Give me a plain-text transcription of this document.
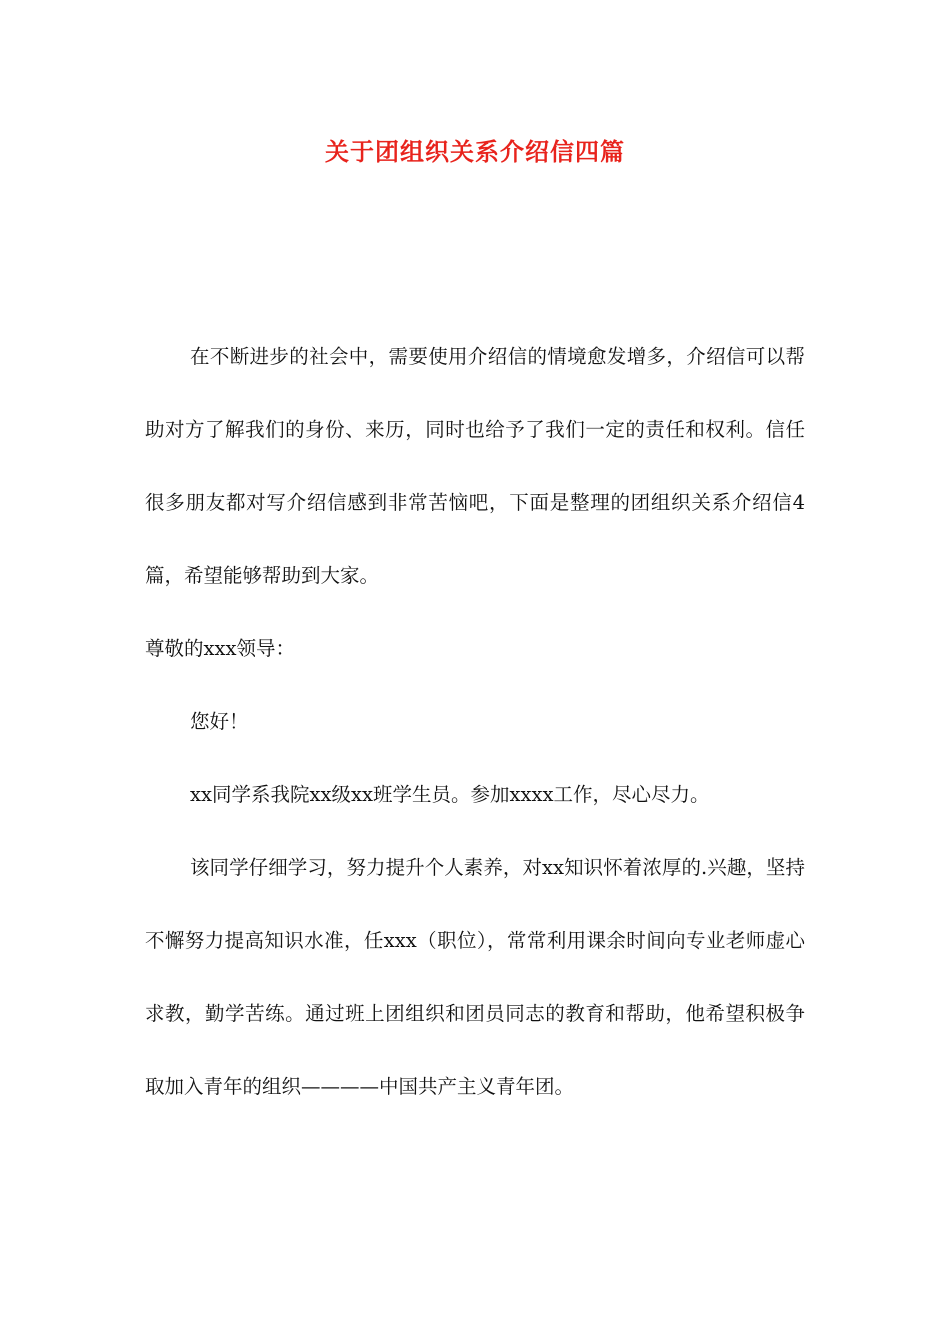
关于团组织关系介绍信四篇

在不断进步的社会中，需要使用介绍信的情境愈发增多，介绍信可以帮助对方了解我们的身份、来历，同时也给予了我们一定的责任和权利。信任很多朋友都对写介绍信感到非常苦恼吧，下面是整理的团组织关系介绍信4篇，希望能够帮助到大家。

尊敬的xxx领导：

您好！

xx同学系我院xx级xx班学生员。参加xxxx工作，尽心尽力。

该同学仔细学习，努力提升个人素养，对xx知识怀着浓厚的.兴趣，坚持不懈努力提高知识水准，任xxx（职位），常常利用课余时间向专业老师虚心求教，勤学苦练。通过班上团组织和团员同志的教育和帮助，他希望积极争取加入青年的组织————中国共产主义青年团。
